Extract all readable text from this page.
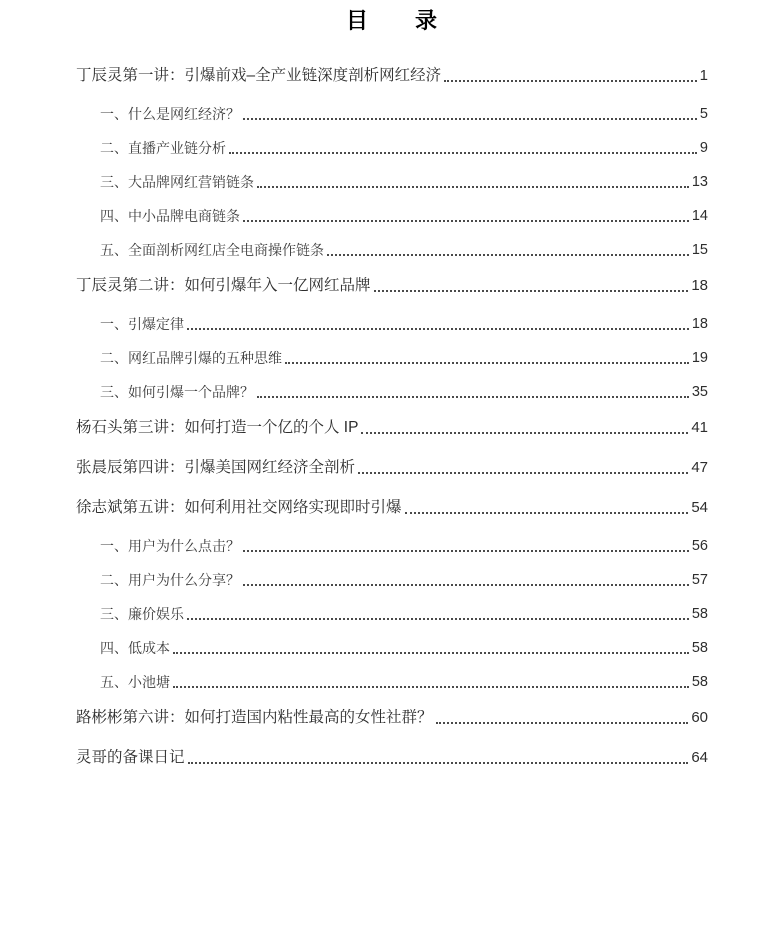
目　　录
丁辰灵第一讲：引爆前戏–全产业链深度剖析网红经济	1
一、什么是网红经济？	5
二、直播产业链分析	9
三、大品牌网红营销链条	13
四、中小品牌电商链条	14
五、全面剖析网红店全电商操作链条	15
丁辰灵第二讲：如何引爆年入一亿网红品牌	18
一、引爆定律	18
二、网红品牌引爆的五种思维	19
三、如何引爆一个品牌？	35
杨石头第三讲：如何打造一个亿的个人 IP	41
张晨辰第四讲：引爆美国网红经济全剖析	47
徐志斌第五讲：如何利用社交网络实现即时引爆	54
一、用户为什么点击？	56
二、用户为什么分享？	57
三、廉价娱乐	58
四、低成本	58
五、小池塘	58
路彬彬第六讲：如何打造国内粘性最高的女性社群？	60
灵哥的备课日记	64
